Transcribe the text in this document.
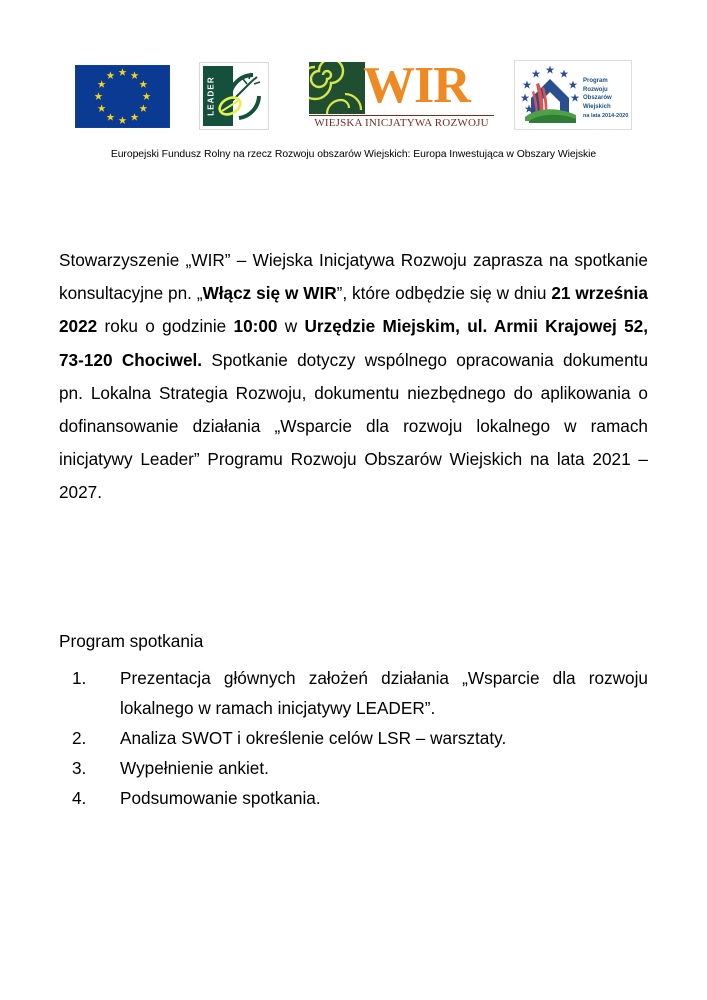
LEADER	WIR
WIEJSKA INICJATYWA ROZWOJU
Program
Rozwoju
Obszarów
Wiejskich
na lata 2014-2020
Europejski Fundusz Rolny na rzecz Rozwoju obszarów Wiejskich: Europa Inwestująca w Obszary Wiejskie
Stowarzyszenie „WIR” – Wiejska Inicjatywa Rozwoju zaprasza na spotkanie konsultacyjne pn. „Włącz się w WIR”, które odbędzie się w dniu 21 września 2022 roku o godzinie 10:00 w Urzędzie Miejskim, ul. Armii Krajowej 52, 73-120 Chociwel. Spotkanie dotyczy wspólnego opracowania dokumentu pn. Lokalna Strategia Rozwoju, dokumentu niezbędnego do aplikowania o dofinansowanie działania „Wsparcie dla rozwoju lokalnego w ramach inicjatywy Leader” Programu Rozwoju Obszarów Wiejskich na lata 2021 – 2027.
Program spotkania
1.	Prezentacja głównych założeń działania „Wsparcie dla rozwoju lokalnego w ramach inicjatywy LEADER”.
2.	Analiza SWOT i określenie celów LSR – warsztaty.
3.	Wypełnienie ankiet.
4.	Podsumowanie spotkania.
